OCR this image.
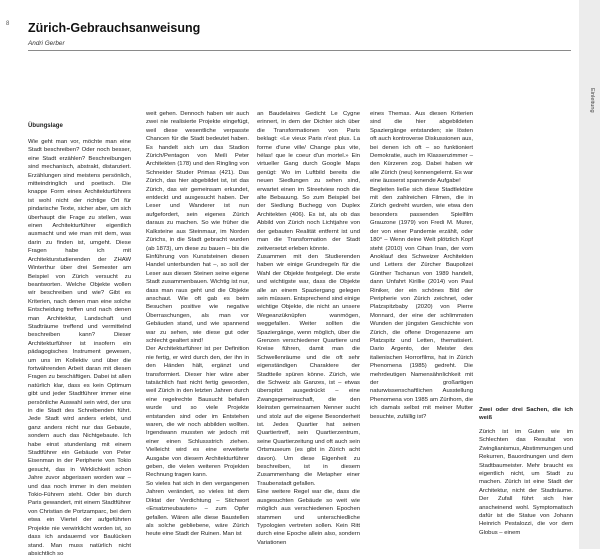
8
Einleitung
Zürich-Gebrauchsanweisung
Andri Gerber
Übungslage

Wie geht man vor, möchte man eine Stadt beschreiben? Oder noch besser, eine Stadt erzählen? Beschreibungen sind mechanisch, abstrakt, distanziert. Erzählungen sind meistens persönlich, mitteindringlich und poetisch. Die knappe Form eines Architekturführers ist wohl nicht der richtige Ort für pindarische Texte, sicher aber, um sich überhaupt die Frage zu stellen, was einen Architekturführer eigentlich ausmacht und wie man mit dem, was darin zu finden ist, umgeht. Diese Fragen habe ich mit Architekturstudierenden der ZHAW Winterthur über drei Semester am Beispiel von Zürich versucht zu beantworten. Welche Objekte wollen wir beschreiben und wie? Gibt es Kriterien, nach denen man eine solche Entscheidung treffen und nach denen man Architektur, Landschaft und Stadträume treffend und vermittelnd beschreiben kann? Dieser Architekturführer ist insofern ein pädagogisches Instrument gewesen, um uns im Kollektiv und über die fortwährenden Arbeit daran mit diesen Fragen zu beschäftigen. Dabei ist allen natürlich klar, dass es kein Optimum gibt und jeder Stadtführer immer eine persönliche Auswahl sein wird, der uns in die Stadt des Schreibenden führt. Jede Stadt wird anders erlebt, und ganz anders nicht nur das Gebaute, sondern auch das Nichtgebaute. Ich habe einst stundenlang mit einem Stadtführer ein Gebäude von Peter Eisenman in der Peripherie von Tokio gesucht, das in Wirklichkeit schon Jahre zuvor abgerissen worden war – und das noch immer in den meisten Tokio-Führern steht. Oder bin durch Paris gewandert, mit einem Stadtführer von Christian de Portzamparc, bei dem etwa ein Viertel der aufgeführten Projekte nie verwirklicht worden ist, so dass ich andauernd vor Baulücken stand. Man muss natürlich nicht absichtlich so

weit gehen. Dennoch haben wir auch zwei nie realisierte Projekte eingefügt, weil diese wesentliche verpasste Chancen für die Stadt bedeutet haben. Es handelt sich um das Stadion Zürich/Pentagon von Meili Peter Architekten (178) und den Ringling von Schneider Studer Primas (421). Das Zürich, das hier abgebildet ist, ist das Zürich, das wir gemeinsam erkundet, entdeckt und ausgesucht haben. Der Leser und Wanderer ist nun aufgefordert, sein eigenes Zürich daraus zu machen. So wie früher die Kalksteine aus Steinmaur, im Norden Zürichs, in die Stadt gebracht wurden (ab 1873), um diese zu bauen – bis die Einführung von Kunststeinen diesen Handel unterbunden hat –, so soll der Leser aus diesen Steinen seine eigene Stadt zusammenbauen. Wichtig ist nur, dass man raus geht und die Objekte anschaut. Wie oft gab es beim Besuchen positive wie negative Überraschungen, als man vor Gebäuden stand, und wie spannend war zu sehen, wie diese gut oder schlecht gealtert sind!
Der Architekturführer ist per Definition nie fertig, er wird durch den, der ihn in den Händen hält, ergänzt und transformiert. Dieser hier wäre aber tatsächlich fast nicht fertig geworden, weil Zürich in den letzten Jahren durch eine regelrechte Bausucht befallen wurde und so viele Projekte entstanden sind oder im Entstehen waren, die wir noch abbilden wollten. Irgendwann mussten wir jedoch mit einer einen Schlussstrich ziehen. Vielleicht wird es eine erweiterte Ausgabe von diesem Architekturführer geben, die vielen weiteren Projekten Rechnung tragen kann.
So vieles hat sich in den vergangenen Jahren verändert, so vieles ist dem Diktat der Verdichtung – Stichwort «Ersatzneubauten» – zum Opfer gefallen. Wären alle diese Baustellen als solche gebliebene, wäre Zürich heute eine Stadt der Ruinen. Man ist

an Baudelaires Gedicht Le Cygne erinnert, in dem der Dichter sich über die Transformationen von Paris beklagt: «Le vieux Paris n'est plus. La forme d'une ville/ Change plus vite, hélas! que le coeur d'un mortel.» Ein virtueller Gang durch Google Maps genügt: Wo im Luftbild bereits die neuen Siedlungen zu sehen sind, erwartet einen im Streetview noch die alte Bebauung. So zum Beispiel bei der Siedlung Buchegg von Duplex Architekten (406). Es ist, als ob das Abbild von Zürich noch Lichtjahre von der gebauten Realität entfernt ist und man die Transformation der Stadt zeitversetzt erleben könnte.
Zusammen mit den Studierenden haben wir einige Grundregeln für die Wahl der Objekte festgelegt. Die erste und wichtigste war, dass die Objekte alle an einem Spaziergang gelegen sein müssen. Entsprechend sind einige wichtige Objekte, die nicht an unsere Wegeanzüknüpfen wanmögen, weggefallen. Weiter sollten die Spaziergänge, wenn möglich, über die Grenzen verschiedener Quartiere und Kreise führen, damit man die Schwellenräume und die oft sehr eigenständigen Charaktere der Stadtteile spüren könne. Zürich, wie die Schweiz als Ganzes, ist – etwas überspitzt ausgedrückt – eine Zwangsgemeinschaft, die den kleinsten gemeinsamen Nenner sucht und stolz auf die eigene Besonderheit ist. Jedes Quartier hat seinen Quartiertreff, sein Quartierzentrum, seine Quartierzeitung und oft auch sein Ortsmuseum (es gibt in Zürich acht davon). Um diese Eigenheit zu beschreiben, ist in diesem Zusammenhang die Metapher einer Traubenstadt gefallen.
Eine weitere Regel war die, dass die ausgesuchten Gebäude so weit wie möglich aus verschiedenen Epochen stammen und unterschiedliche Typologien vertreten sollen. Kein Ritt durch eine Epoche allein also, sondern Variationen

eines Themas. Aus diesen Kriterien sind die hier abgebildeten Spaziergänge entstanden; sie lösten oft auch kontroverse Diskussionen aus, bei denen ich oft – so funktioniert Demokratie, auch im Klassenzimmer – den Kürzeren zog. Dabei haben wir alle Zürich (neu) kennengelernt. Es war eine äusserst spannende Aufgabe!
Begleiten ließe sich diese Stadtlektüre mit den zahlreichen Filmen, die in Zürich gedreht wurden, wie etwa den besonders passenden Spielfilm Grauzone (1979) von Fredi M. Murer, der von einer Pandemie erzählt, oder 180° – Wenn deine Welt plötzlich Kopf steht (2010) von Cihan Inan, der vom Anoklauf des Schweizer Architekten und Letters der Zürcher Baupolizei Günther Tschanun von 1989 handelt, dann Unfahrt Kirillie (2014) von Paul Riniker, der ein schönes Bild der Peripherie von Zürich zeichnet, oder Platzspitzbaby (2020) von Pierre Monnard, der eine der schlimmsten Wunden der jüngsten Geschichte von Zürich, die offene Drogenszene am Platzspitz und Letten, thematisiert. Dario Argento, der Meister des italienischen Horrorfilms, hat in Zürich Phenomena (1985) gedreht. Die mehrdeutigen Namensähnlichkeit mit der großartigen naturwissenschaftlichen Ausstellung Phenomena von 1985 am Zürihorn, die ich damals selbst mit meiner Mutter besuchte, zufällig ist?

Zwei oder drei Sachen, die ich weiß

Zürich ist im Guten wie im Schlechten das Resultat von Zwinglianismus, Abstimmungen und Rekurren, Bauordnungen und dem Stadtbaumeister. Mehr braucht es eigentlich nicht, um Stadt zu machen. Zürich ist eine Stadt der Architektur, nicht der Stadträume. Der Zufall führt sich hier anscheinend wohl. Symptomatisch dafür ist die Statue von Johann Heinrich Pestalozzi, die vor dem Globus – einem
